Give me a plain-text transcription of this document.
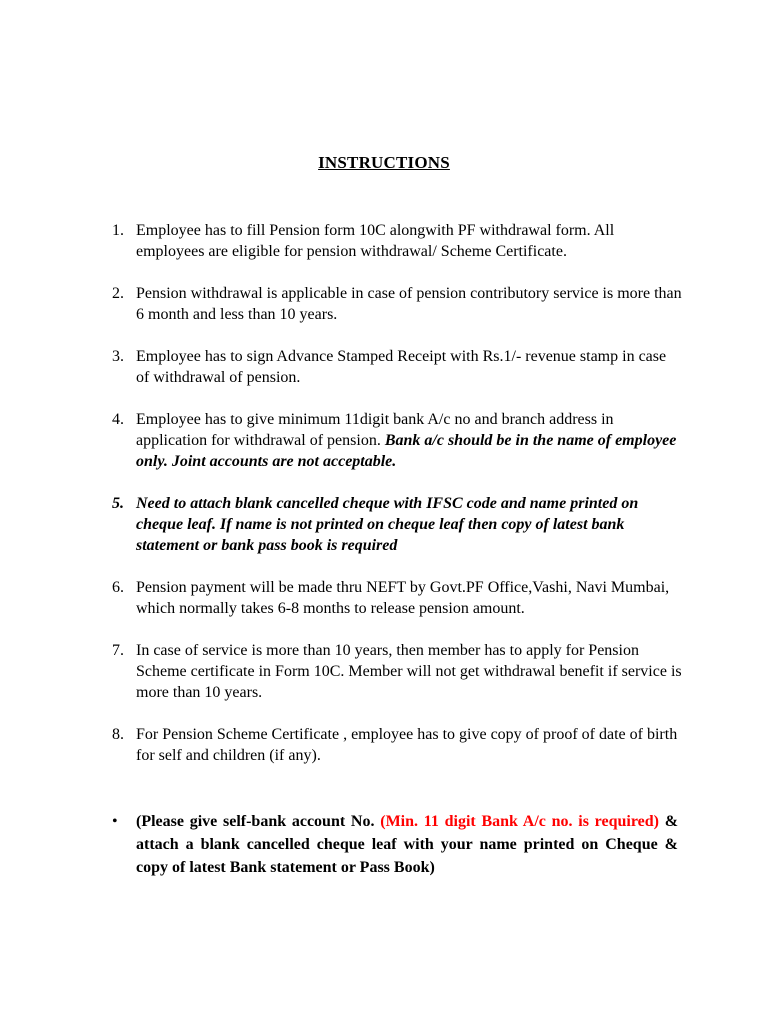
INSTRUCTIONS
1. Employee has to fill Pension form 10C alongwith PF withdrawal form. All employees are eligible for pension withdrawal/ Scheme Certificate.
2. Pension withdrawal is applicable in case of pension contributory service is more than 6 month and less than 10 years.
3. Employee has to sign Advance Stamped Receipt with Rs.1/- revenue stamp in case of withdrawal of pension.
4. Employee has to give minimum 11digit bank A/c no and branch address in application for withdrawal of pension. Bank a/c should be in the name of employee only. Joint accounts are not acceptable.
5. Need to attach blank cancelled cheque with IFSC code and name printed on cheque leaf. If name is not printed on cheque leaf then copy of latest bank statement or bank pass book is required
6. Pension payment will be made thru NEFT by Govt.PF Office,Vashi, Navi Mumbai, which normally takes 6-8 months to release pension amount.
7. In case of service is more than 10 years, then member has to apply for Pension Scheme certificate in Form 10C. Member will not get withdrawal benefit if service is more than 10 years.
8. For Pension Scheme Certificate , employee has to give copy of proof of date of birth for self and children (if any).
•	(Please give self-bank account No. (Min. 11 digit Bank A/c no. is required) & attach a blank cancelled cheque leaf with your name printed on Cheque & copy of latest Bank statement or Pass Book)
